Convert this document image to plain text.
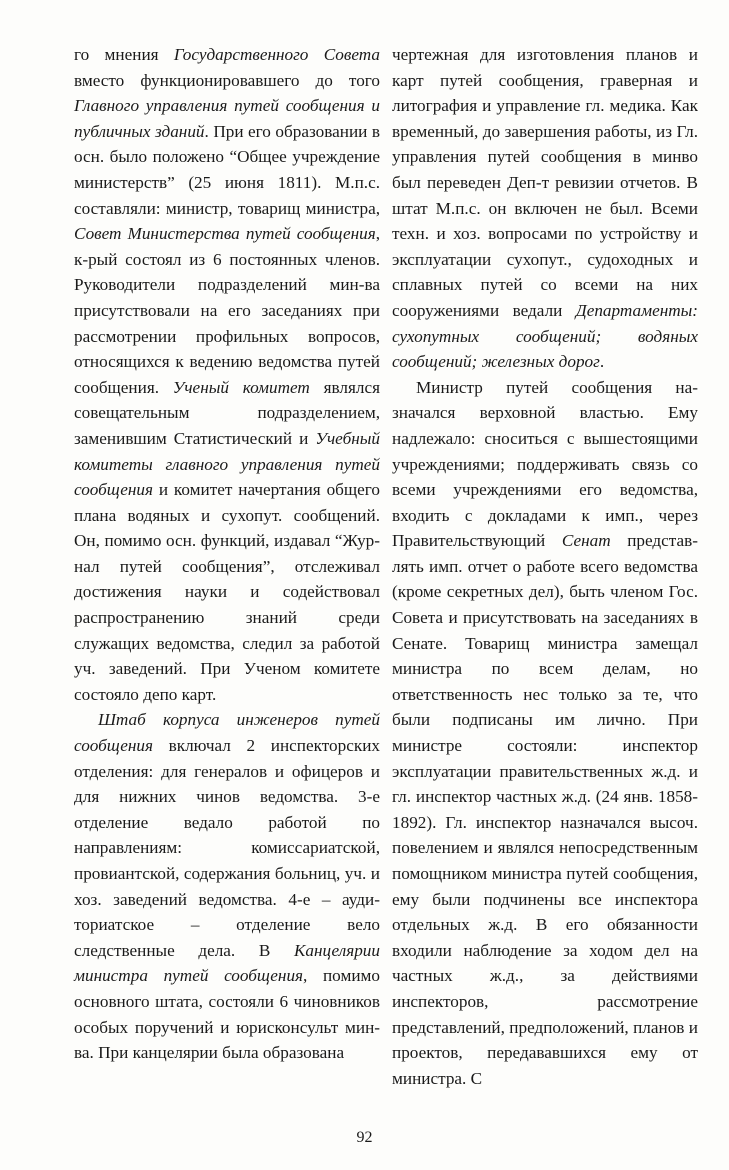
го мнения Государственного Совета вместо функционировавшего до того Главного управления путей сообщения и публичных зданий. При его образовании в осн. было положено “Общее учреждение министерств” (25 июня 1811). М.п.с. составляли: министр, товарищ министра, Совет Министерства путей сообщения, к-рый состоял из 6 постоянных членов. Руководители подразделений мин-ва присутствовали на его заседаниях при рассмотрении профильных вопросов, относящихся к ведению ведомства путей сообщения. Ученый комитет являлся совещательным подразделением, заменившим Статистический и Учебный комитеты главного управления путей сообщения и комитет начертания общего плана водяных и сухопут. сообщений. Он, помимо осн. функций, издавал “Журнал путей сообщения”, отслеживал достижения науки и содействовал распространению знаний среди служащих ведомства, следил за работой уч. заведений. При Ученом комитете состояло депо карт.

Штаб корпуса инженеров путей сообщения включал 2 инспекторских отделения: для генералов и офицеров и для нижних чинов ведомства. 3-е отделение ведало работой по направлениям: комиссариатской, провиантской, содержания больниц, уч. и хоз. заведений ведомства. 4-е – аудиториатское – отделение вело следственные дела. В Канцелярии министра путей сообщения, помимо основного штата, состояли 6 чиновников особых поручений и юрисконсульт мин-ва. При канцелярии была образована

чертежная для изготовления планов и карт путей сообщения, граверная и литография и управление гл. медика. Как временный, до завершения работы, из Гл. управления путей сообщения в минво был переведен Деп-т ревизии отчетов. В штат М.п.с. он включен не был. Всеми техн. и хоз. вопросами по устройству и эксплуатации сухопут., судоходных и сплавных путей со всеми на них сооружениями ведали Департаменты: сухопутных сообщений; водяных сообщений; железных дорог.

Министр путей сообщения назначался верховной властью. Ему надлежало: сноситься с вышестоящими учреждениями; поддерживать связь со всеми учреждениями его ведомства, входить с докладами к имп., через Правительствующий Сенат представлять имп. отчет о работе всего ведомства (кроме секретных дел), быть членом Гос. Совета и присутствовать на заседаниях в Сенате. Товарищ министра замещал министра по всем делам, но ответственность нес только за те, что были подписаны им лично. При министре состояли: инспектор эксплуатации правительственных ж.д. и гл. инспектор частных ж.д. (24 янв. 1858-1892). Гл. инспектор назначался высоч. повелением и являлся непосредственным помощником министра путей сообщения, ему были подчинены все инспектора отдельных ж.д. В его обязанности входили наблюдение за ходом дел на частных ж.д., за действиями инспекторов, рассмотрение представлений, предположений, планов и проектов, передававшихся ему от министра. С

92
